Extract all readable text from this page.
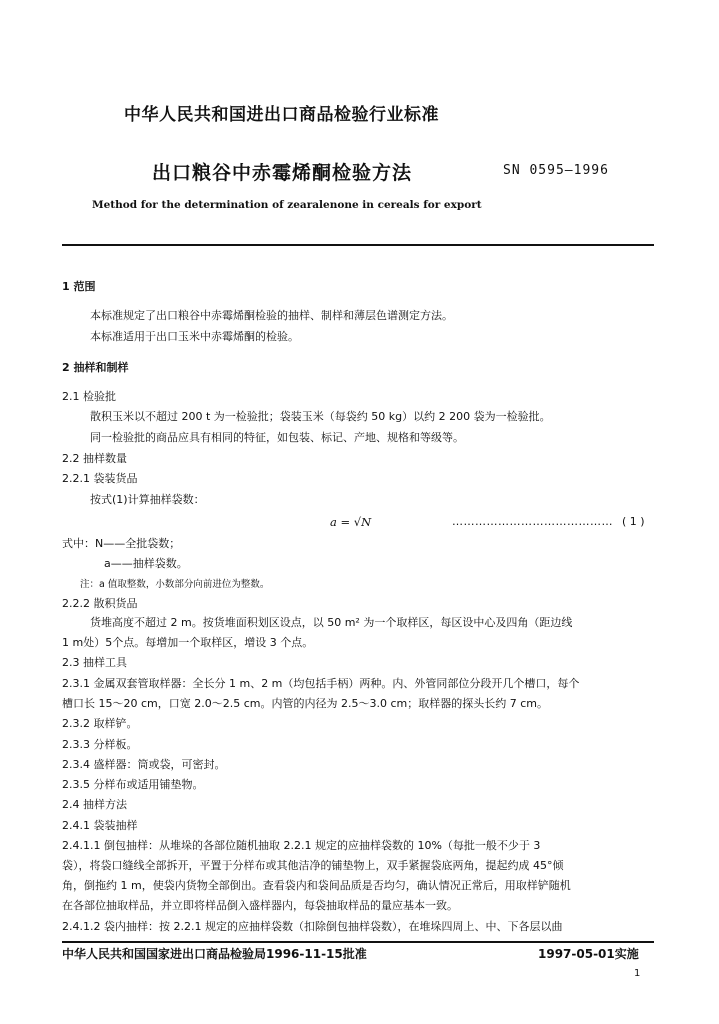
中华人民共和国进出口商品检验行业标准
出口粮谷中赤霉烯酮检验方法	SN 0595—1996
Method for the determination of zearalenone in cereals for export
1 范围
本标准规定了出口粮谷中赤霉烯酮检验的抽样、制样和薄层色谱测定方法。
本标准适用于出口玉米中赤霉烯酮的检验。
2 抽样和制样
2.1 检验批
散积玉米以不超过 200 t 为一检验批；袋装玉米（每袋约 50 kg）以约 2 200 袋为一检验批。
同一检验批的商品应具有相同的特征，如包装、标记、产地、规格和等级等。
2.2 抽样数量
2.2.1 袋装货品
按式(1)计算抽样袋数：
a = √N	…………………………………… ( 1 )
式中：N——全批袋数；
a——抽样袋数。
注：a 值取整数，小数部分向前进位为整数。
2.2.2 散积货品
货堆高度不超过 2 m。按货堆面积划区设点，以 50 m² 为一个取样区，每区设中心及四角（距边线
1 m处）5个点。每增加一个取样区，增设 3 个点。
2.3 抽样工具
2.3.1 金属双套管取样器：全长分 1 m、2 m（均包括手柄）两种。内、外管同部位分段开几个槽口，每个
槽口长 15～20 cm，口宽 2.0～2.5 cm。内管的内径为 2.5～3.0 cm；取样器的探头长约 7 cm。
2.3.2 取样铲。
2.3.3 分样板。
2.3.4 盛样器：筒或袋，可密封。
2.3.5 分样布或适用铺垫物。
2.4 抽样方法
2.4.1 袋装抽样
2.4.1.1 倒包抽样：从堆垛的各部位随机抽取 2.2.1 规定的应抽样袋数的 10%（每批一般不少于 3
袋），将袋口缝线全部拆开，平置于分样布或其他洁净的铺垫物上，双手紧握袋底两角，提起约成 45°倾
角，倒拖约 1 m，使袋内货物全部倒出。查看袋内和袋间品质是否均匀，确认情况正常后，用取样铲随机
在各部位抽取样品，并立即将样品倒入盛样器内，每袋抽取样品的量应基本一致。
2.4.1.2 袋内抽样：按 2.2.1 规定的应抽样袋数（扣除倒包抽样袋数），在堆垛四周上、中、下各层以曲
中华人民共和国国家进出口商品检验局1996-11-15批准	1997-05-01实施
1
